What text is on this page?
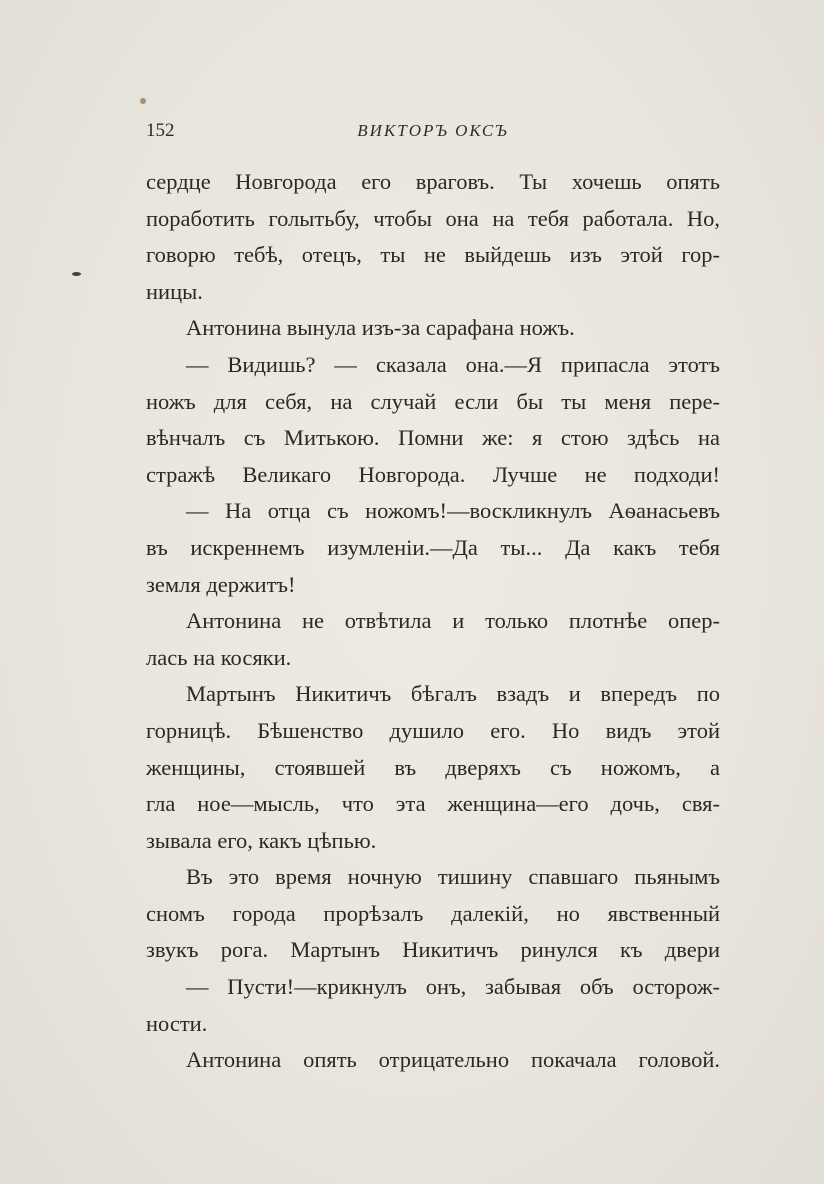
152	ВИКТОРЪ ОКСЪ
сердце Новгорода его враговъ. Ты хочешь опять
поработить голытьбу, чтобы она на тебя работала. Но,
говорю тебѣ, отецъ, ты не выйдешь изъ этой гор-
ницы.
Антонина вынула изъ-за сарафана ножъ.
— Видишь? — сказала она.—Я припасла этотъ
ножъ для себя, на случай если бы ты меня пере-
вѣнчалъ съ Митькою. Помни же: я стою здѣсь на
стражѣ Великаго Новгорода. Лучше не подходи!
— На отца съ ножомъ!—воскликнулъ Аѳанасьевъ
въ искреннемъ изумленіи.—Да ты... Да какъ тебя
земля держитъ!
Антонина не отвѣтила и только плотнѣе опер-
лась на косяки.
Мартынъ Никитичъ бѣгалъ взадъ и впередъ по
горницѣ. Бѣшенство душило его. Но видъ этой
женщины, стоявшей въ дверяхъ съ ножомъ, а
гла ное—мысль, что эта женщина—его дочь, свя-
зывала его, какъ цѣпью.
Въ это время ночную тишину спавшаго пьянымъ
сномъ города прорѣзалъ далекій, но явственный
звукъ рога. Мартынъ Никитичъ ринулся къ двери
— Пусти!—крикнулъ онъ, забывая объ осторож-
ности.
Антонина опять отрицательно покачала головой.
